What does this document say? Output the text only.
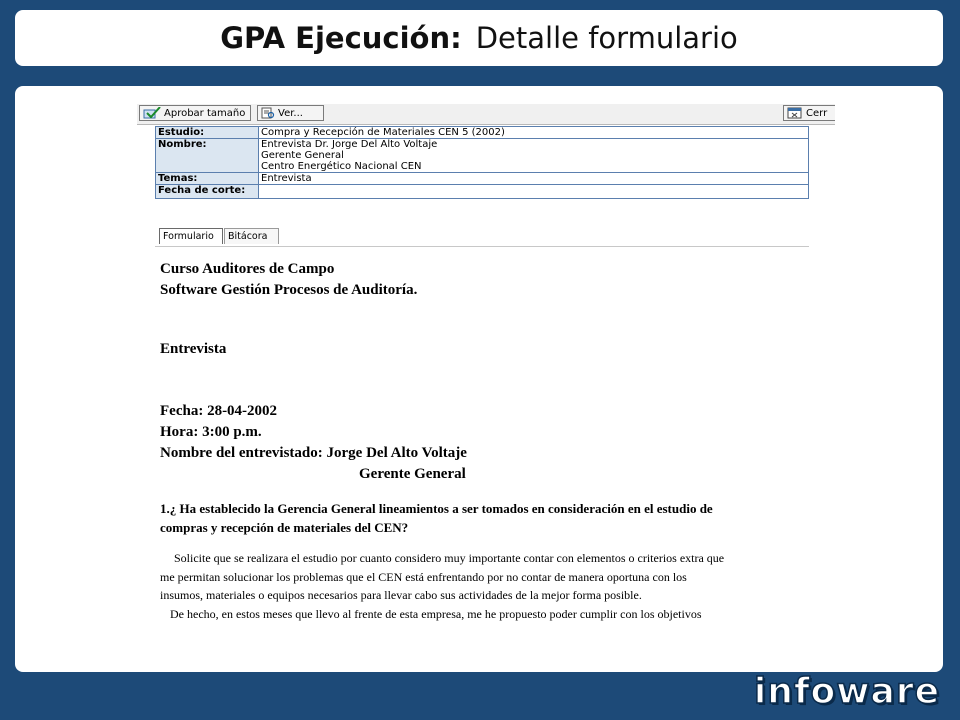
GPA Ejecución: Detalle formulario
Aprobar tamaño	Ver...	Cerr
Estudio:	Compra y Recepción de Materiales CEN 5 (2002)
Nombre:	Entrevista Dr. Jorge Del Alto Voltaje
Gerente General
Centro Energético Nacional CEN

Temas:	Entrevista
Fecha de corte:	
Formulario Bitácora

Curso Auditores de Campo

Software Gestión Procesos de Auditoría.

Entrevista

Fecha: 28-04-2002

Hora: 3:00 p.m.

Nombre del entrevistado: Jorge Del Alto Voltaje

Gerente General

1.¿ Ha establecido la Gerencia General lineamientos a ser tomados en consideración en el estudio de

compras y recepción de materiales del CEN?

Solicite que se realizara el estudio por cuanto considero muy importante contar con elementos o criterios extra que

me permitan solucionar los problemas que el CEN está enfrentando por no contar de manera oportuna con los

insumos, materiales o equipos necesarios para llevar cabo sus actividades de la mejor forma posible.

De hecho, en estos meses que llevo al frente de esta empresa, me he propuesto poder cumplir con los objetivos

infoware
